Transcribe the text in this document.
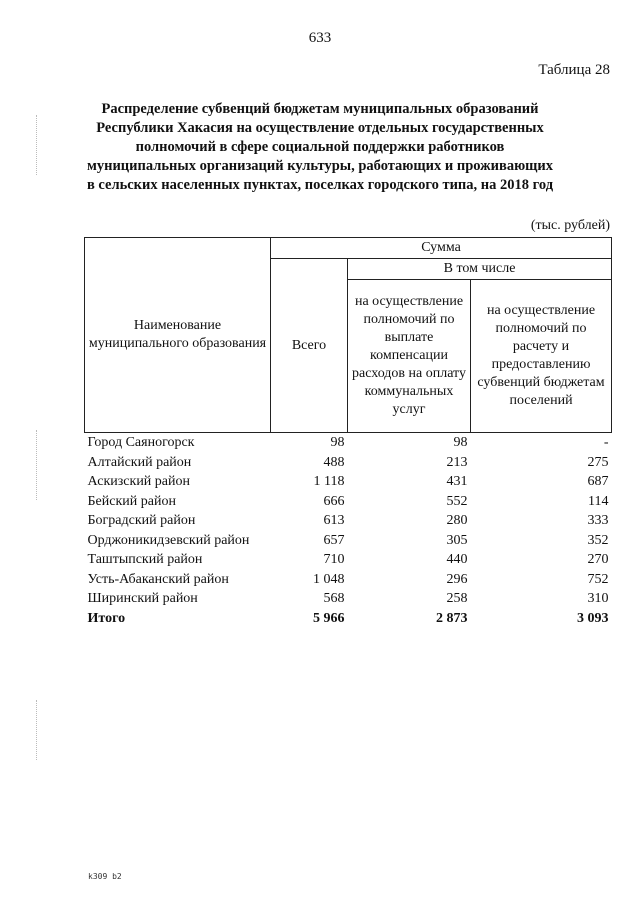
633
Таблица 28
Распределение субвенций бюджетам муниципальных образований
Республики Хакасия на осуществление отдельных государственных
полномочий в сфере социальной поддержки работников
муниципальных организаций культуры, работающих и проживающих
в сельских населенных пунктах, поселках городского типа, на 2018 год
(тыс. рублей)
Наименование муниципального образования	Сумма		
	Всего	В том числе	
		на осуществление полномочий по выплате компенсации расходов на оплату коммунальных услуг	на осуществление полномочий по расчету и предоставлению субвенций бюджетам поселений
Город Саяногорск	98	98	-
Алтайский район	488	213	275
Аскизский район	1 118	431	687
Бейский район	666	552	114
Боградский район	613	280	333
Орджоникидзевский район	657	305	352
Таштыпский район	710	440	270
Усть-Абаканский район	1 048	296	752
Ширинский район	568	258	310
Итого	5 966	2 873	3 093
k309 b2
